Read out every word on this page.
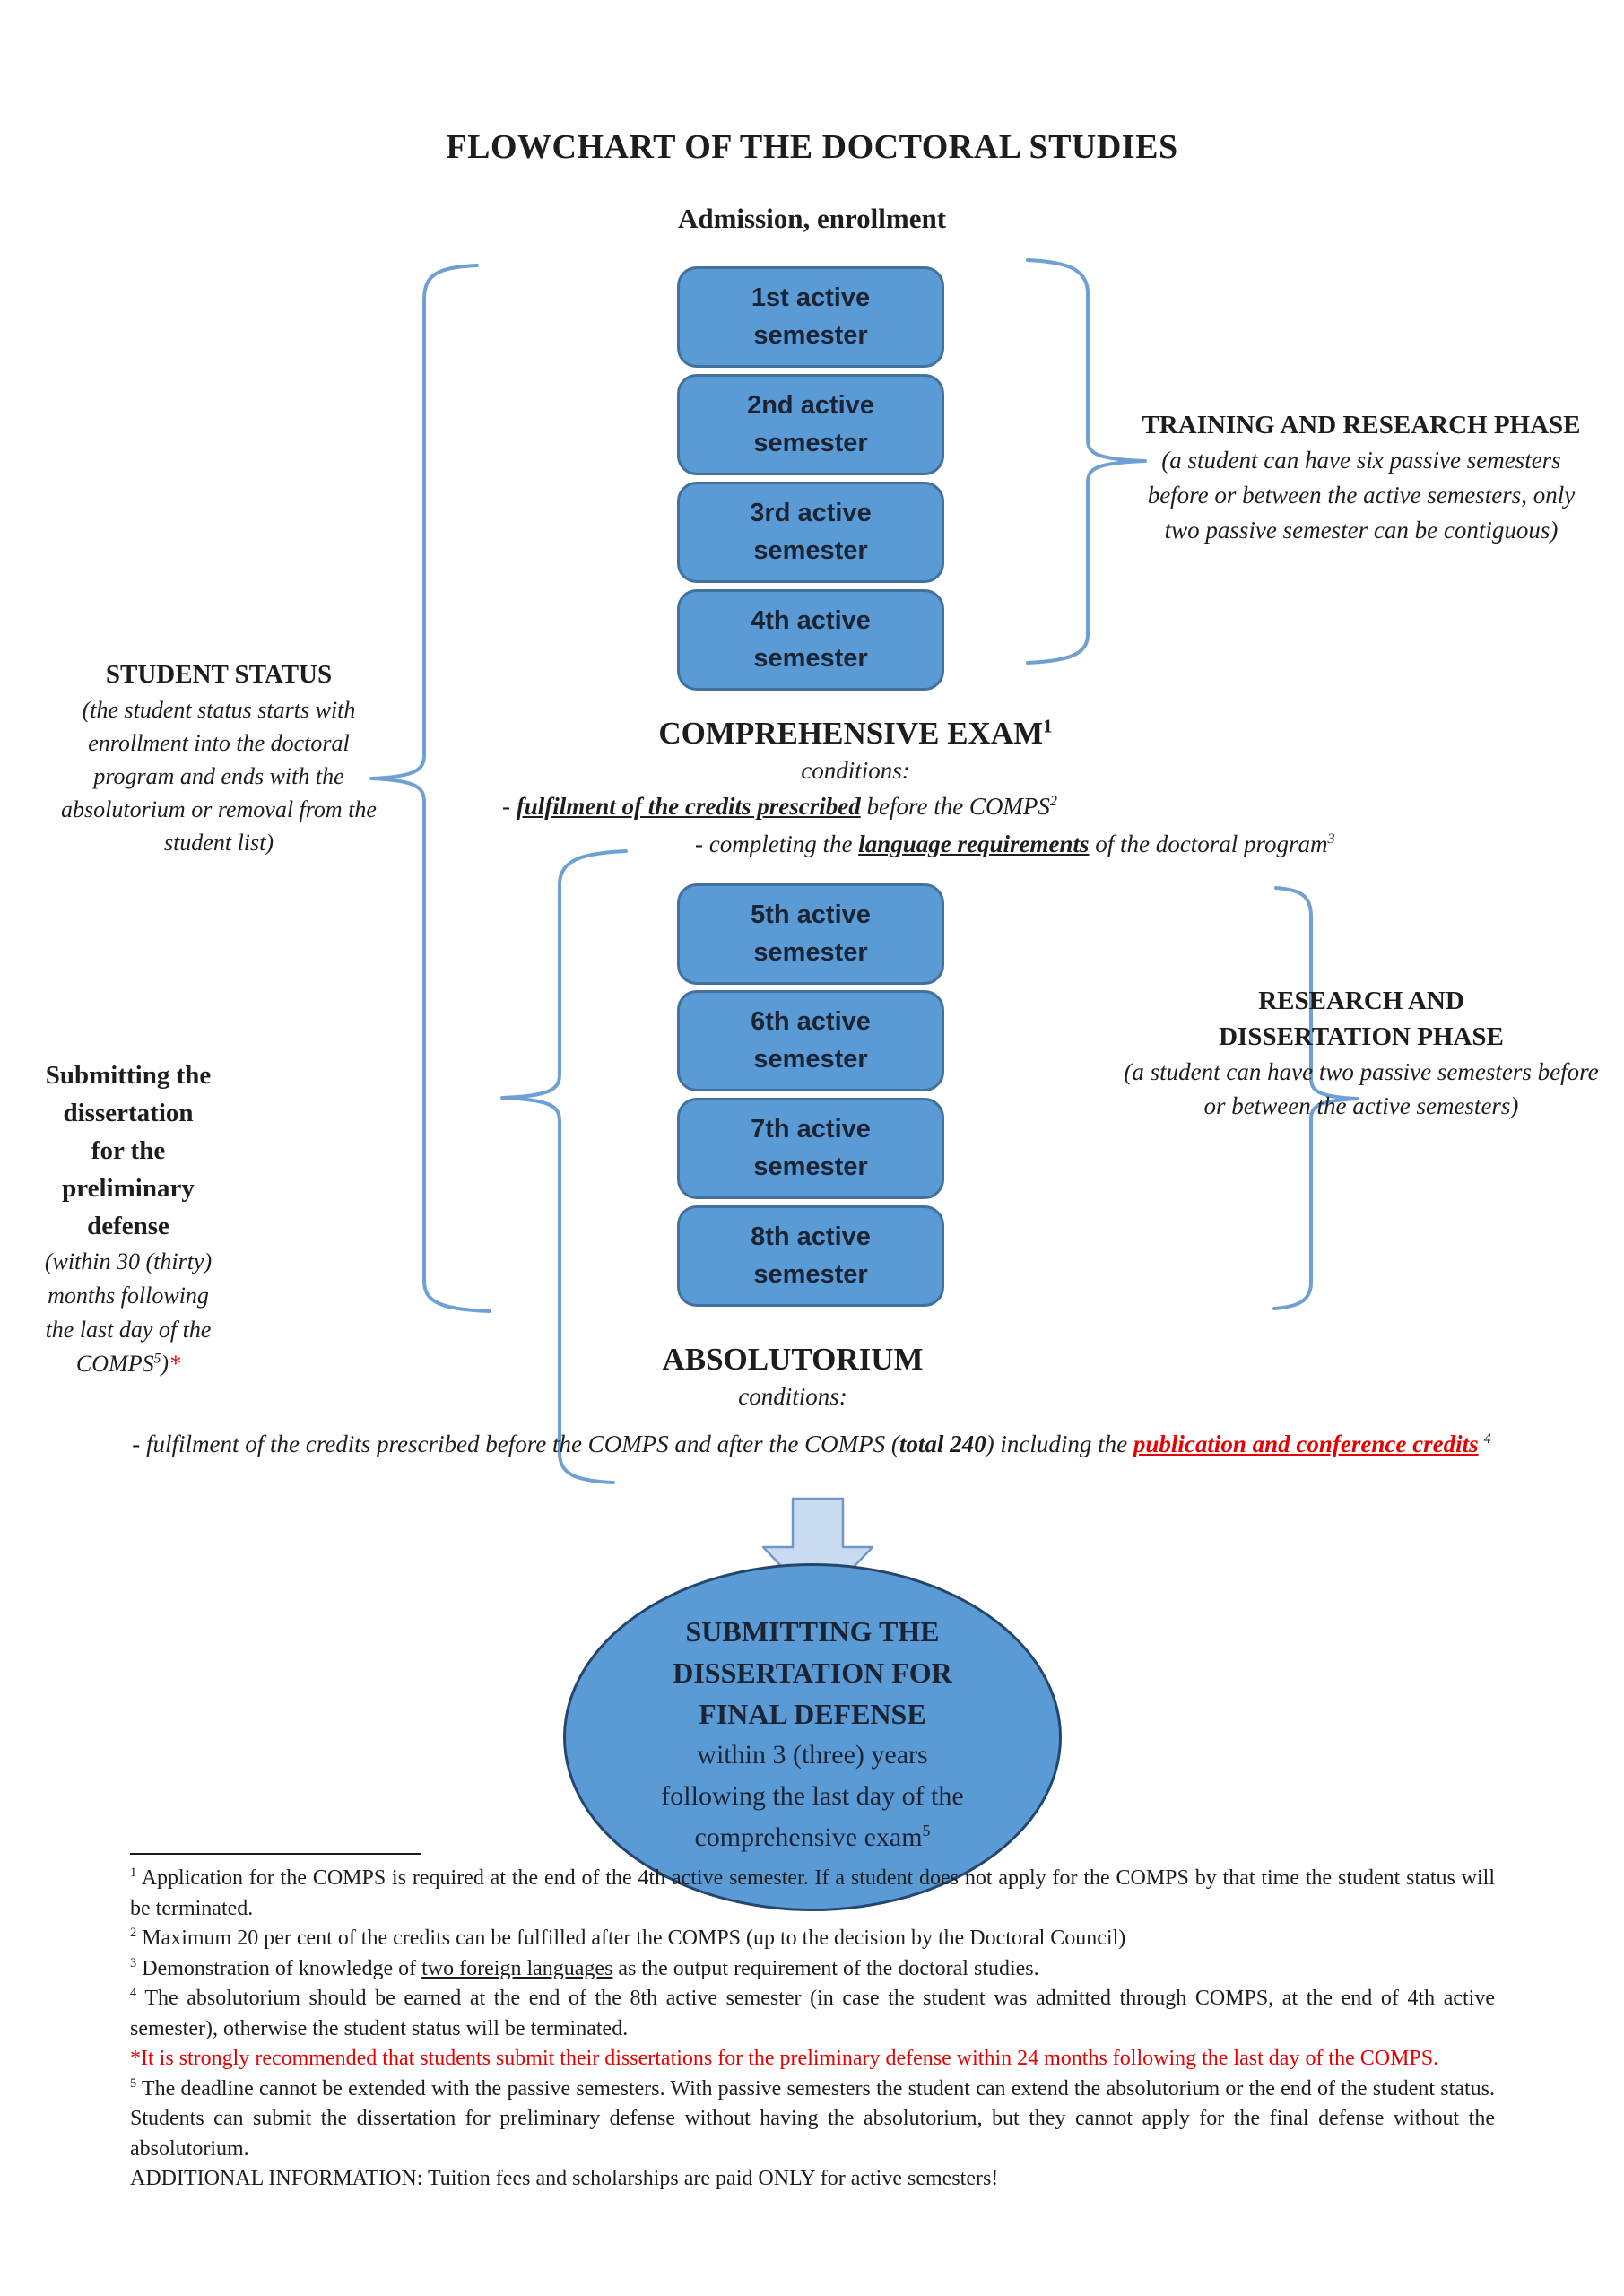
FLOWCHART OF THE DOCTORAL STUDIES
Admission, enrollment
1st active
semester
2nd active
semester
3rd active
semester
4th active
semester
STUDENT STATUS
(the student status starts with enrollment into the doctoral program and ends with the absolutorium or removal from the student list)
TRAINING AND RESEARCH PHASE (a student can have six passive semesters before or between the active semesters, only two passive semester can be contiguous)
COMPREHENSIVE EXAM$^1$
conditions:
- fulfilment of the credits prescribed before the COMPS$^2$
- completing the language requirements of the doctoral program$^3$
5th active
semester
6th active
semester
7th active
semester
8th active
semester
RESEARCH AND
DISSERTATION PHASE
(a student can have two passive semesters before or between the active semesters)
Submitting the
dissertation
for the
preliminary
defense
(within 30 (thirty)
months following
the last day of the
COMPS$^5$)*	ABSOLUTORIUM
conditions:
- fulfilment of the credits prescribed before the COMPS and after the COMPS (total 240) including the publication and conference credits $^4$
SUBMITTING THE
DISSERTATION FOR
FINAL DEFENSE
within 3 (three) years
following the last day of the
comprehensive exam$^5$

$^1$ Application for the COMPS is required at the end of the 4th active semester. If a student does not apply for the COMPS by that time the student status will be terminated.

$^2$ Maximum 20 per cent of the credits can be fulfilled after the COMPS (up to the decision by the Doctoral Council)

$^3$ Demonstration of knowledge of two foreign languages as the output requirement of the doctoral studies.

$^4$ The absolutorium should be earned at the end of the 8th active semester (in case the student was admitted through COMPS, at the end of 4th active semester), otherwise the student status will be terminated.

*It is strongly recommended that students submit their dissertations for the preliminary defense within 24 months following the last day of the COMPS.

$^5$ The deadline cannot be extended with the passive semesters. With passive semesters the student can extend the absolutorium or the end of the student status. Students can submit the dissertation for preliminary defense without having the absolutorium, but they cannot apply for the final defense without the absolutorium.

ADDITIONAL INFORMATION: Tuition fees and scholarships are paid ONLY for active semesters!
